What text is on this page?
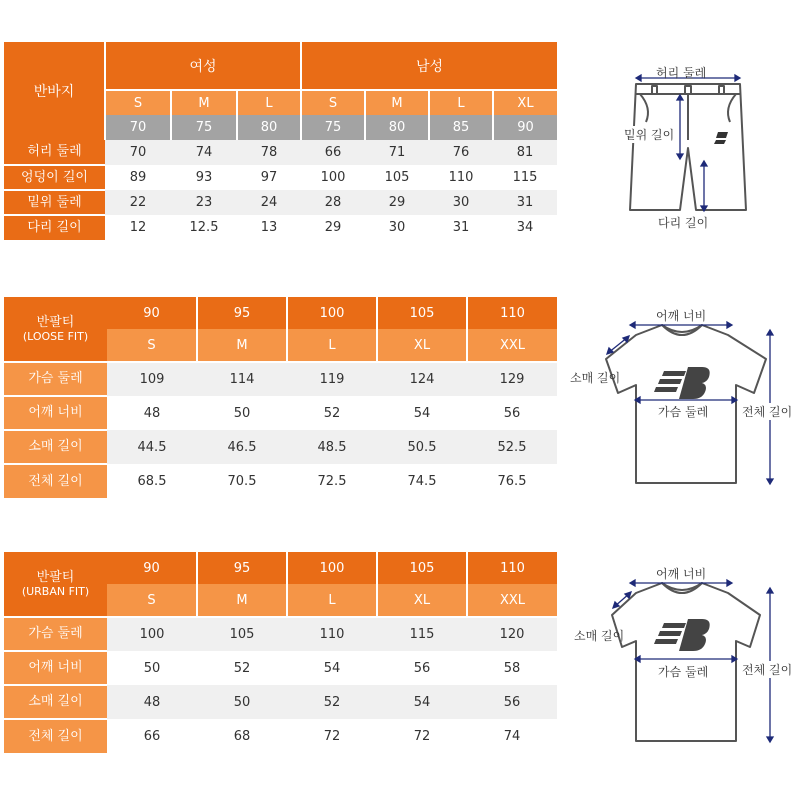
반바지	여성			남성			
	S	M	L	S	M	L	XL
	70	75	80	75	80	85	90
허리 둘레	70	74	78	66	71	76	81
엉덩이 길이	89	93	97	100	105	110	115
밑위 둘레	22	23	24	28	29	30	31
다리 길이	12	12.5	13	29	30	31	34
반팔티
(LOOSE FIT)	90	95	100	105	110
	S	M	L	XL	XXL
가슴 둘레	109	114	119	124	129
어깨 너비	48	50	52	54	56
소매 길이	44.5	46.5	48.5	50.5	52.5
전체 길이	68.5	70.5	72.5	74.5	76.5
반팔티
(URBAN FIT)	90	95	100	105	110
	S	M	L	XL	XXL
가슴 둘레	100	105	110	115	120
어깨 너비	50	52	54	56	58
소매 길이	48	50	52	54	56
전체 길이	66	68	72	72	74
허리 둘레
밑위 길이
다리 길이
어깨 너비
소매 길이
가슴 둘레	전체 길이
어깨 너비
소매 길이
가슴 둘레	전체 길이
